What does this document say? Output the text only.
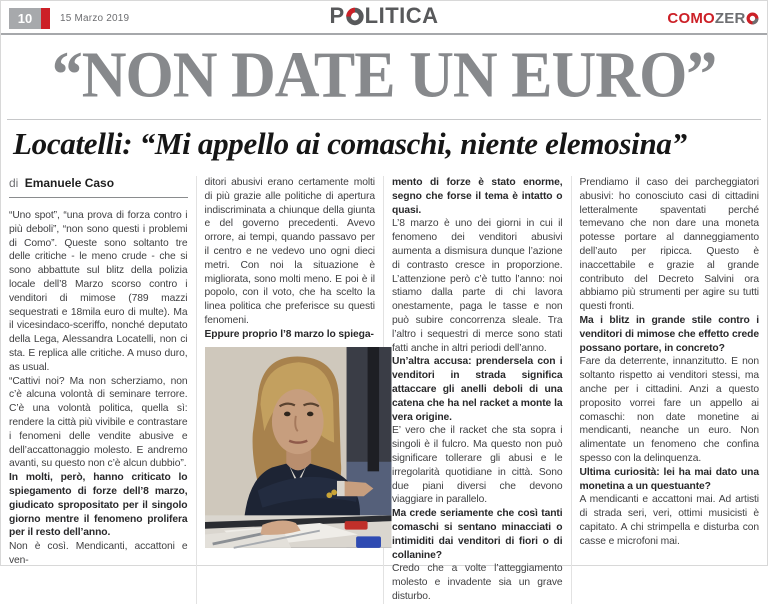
10	15 Marzo 2019	P LITICA	COMO ZER
“NON DATE UN EURO”
Locatelli: “Mi appello ai comaschi, niente elemosina”
di Emanuele Caso

“Uno spot”, “una prova di forza contro i più deboli”, “non sono questi i problemi di Como”. Queste sono soltanto tre delle critiche - le meno crude - che si sono abbattute sul blitz della polizia locale dell’8 Marzo scorso contro i venditori di mimose (789 mazzi sequestrati e 18mila euro di multe). Ma il vicesindaco-sceriffo, nonché deputato della Lega, Alessandra Locatelli, non ci sta. E replica alle critiche. A muso duro, as usual.

“Cattivi noi? Ma non scherziamo, non c’è alcuna volontà di seminare terrore. C’è una volontà politica, quella sì: rendere la città più vivibile e contrastare i fenomeni delle vendite abusive e dell’accattonaggio molesto. E andremo avanti, su questo non c’è alcun dubbio”.

In molti, però, hanno criticato lo spiegamento di forze dell’8 marzo, giudicato spropositato per il singolo giorno mentre il fenomeno prolifera per il resto dell’anno.

Non è così. Mendicanti, accattoni e ven-

ditori abusivi erano certamente molti di più grazie alle politiche di apertura indiscriminata a chiunque della giunta e del governo precedenti. Avevo orrore, ai tempi, quando passavo per il centro e ne vedevo uno ogni dieci metri. Con noi la situazione è migliorata, sono molti meno. E poi è il popolo, con il voto, che ha scelto la linea politica che preferisce su questi fenomeni.

Eppure proprio l’8 marzo lo spiega-

mento di forze è stato enorme, segno che forse il tema è intatto o quasi.

L’8 marzo è uno dei giorni in cui il fenomeno dei venditori abusivi aumenta a dismisura dunque l’azione di contrasto cresce in proporzione. L’attenzione però c’è tutto l’anno: noi stiamo dalla parte di chi lavora onestamente, paga le tasse e non può subire concorrenza sleale. Tra l’altro i sequestri di merce sono stati fatti anche in altri periodi dell’anno.

Un’altra accusa: prendersela con i venditori in strada significa attaccare gli anelli deboli di una catena che ha nel racket a monte la vera origine.

E’ vero che il racket che sta sopra i singoli è il fulcro. Ma questo non può significare tollerare gli abusi e le irregolarità quotidiane in città. Sono due piani diversi che devono viaggiare in parallelo.

Ma crede seriamente che così tanti comaschi si sentano minacciati o intimiditi dai venditori di fiori o di collanine?

Credo che a volte l’atteggiamento molesto e invadente sia un grave disturbo.

Prendiamo il caso dei parcheggiatori abusivi: ho conosciuto casi di cittadini letteralmente spaventati perché temevano che non dare una moneta potesse portare al danneggiamento dell’auto per ripicca. Questo è inaccettabile e grazie al grande contributo del Decreto Salvini ora abbiamo più strumenti per agire su tutti questi fronti.

Ma i blitz in grande stile contro i venditori di mimose che effetto crede possano portare, in concreto?

Fare da deterrente, innanzitutto. E non soltanto rispetto ai venditori stessi, ma anche per i cittadini. Anzi a questo proposito vorrei fare un appello ai comaschi: non date monetine ai mendicanti, neanche un euro. Non alimentate un fenomeno che confina spesso con la delinquenza.

Ultima curiosità: lei ha mai dato una monetina a un questuante?

A mendicanti e accattoni mai. Ad artisti di strada seri, veri, ottimi musicisti è capitato. A chi strimpella e disturba con casse e microfoni mai.
